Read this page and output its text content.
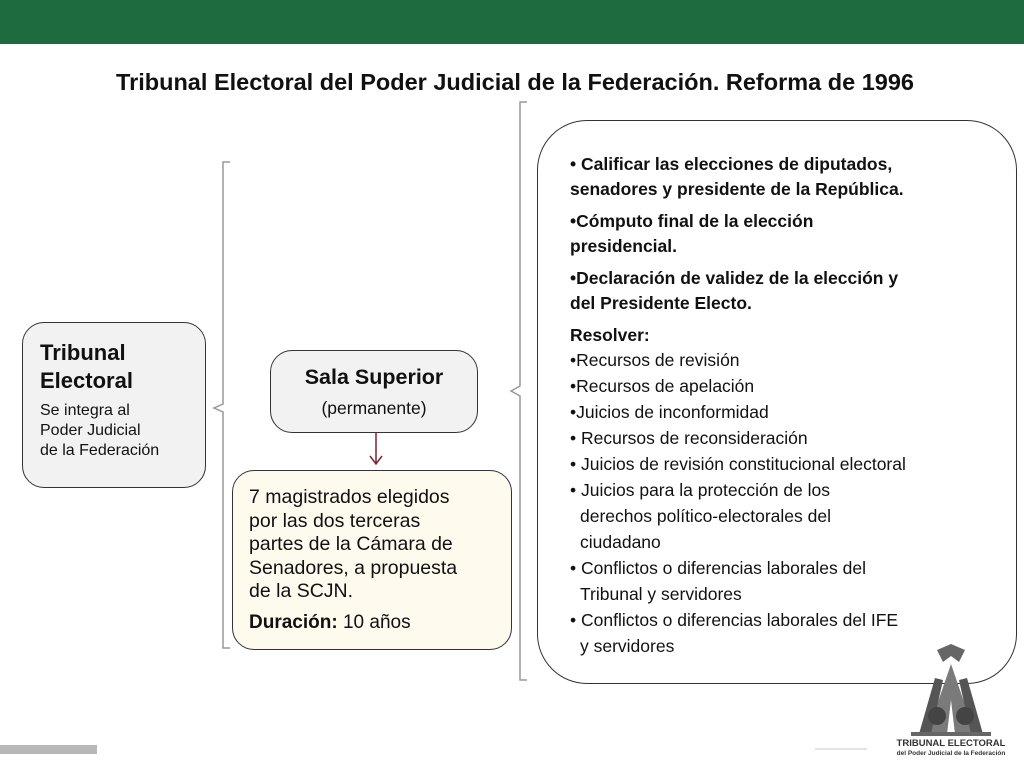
Tribunal Electoral del Poder Judicial de la Federación. Reforma de 1996
Tribunal
Electoral
Se integra al
Poder Judicial
de la Federación
Sala Superior
(permanente)
7 magistrados elegidos
por las dos terceras
partes de la Cámara de
Senadores, a propuesta
de la SCJN.
Duración: 10 años
• Calificar las elecciones de diputados,
senadores y presidente de la República.
•Cómputo final de la elección
presidencial.
•Declaración de validez de la elección y
del Presidente Electo.
Resolver:
•Recursos de revisión
•Recursos de apelación
•Juicios de inconformidad
• Recursos de reconsideración
• Juicios de revisión constitucional electoral
• Juicios para la protección de los
derechos político-electorales del
ciudadano
• Conflictos o diferencias laborales del
Tribunal y servidores
• Conflictos o diferencias laborales del IFE
y servidores
TRIBUNAL ELECTORAL
del Poder Judicial de la Federación
